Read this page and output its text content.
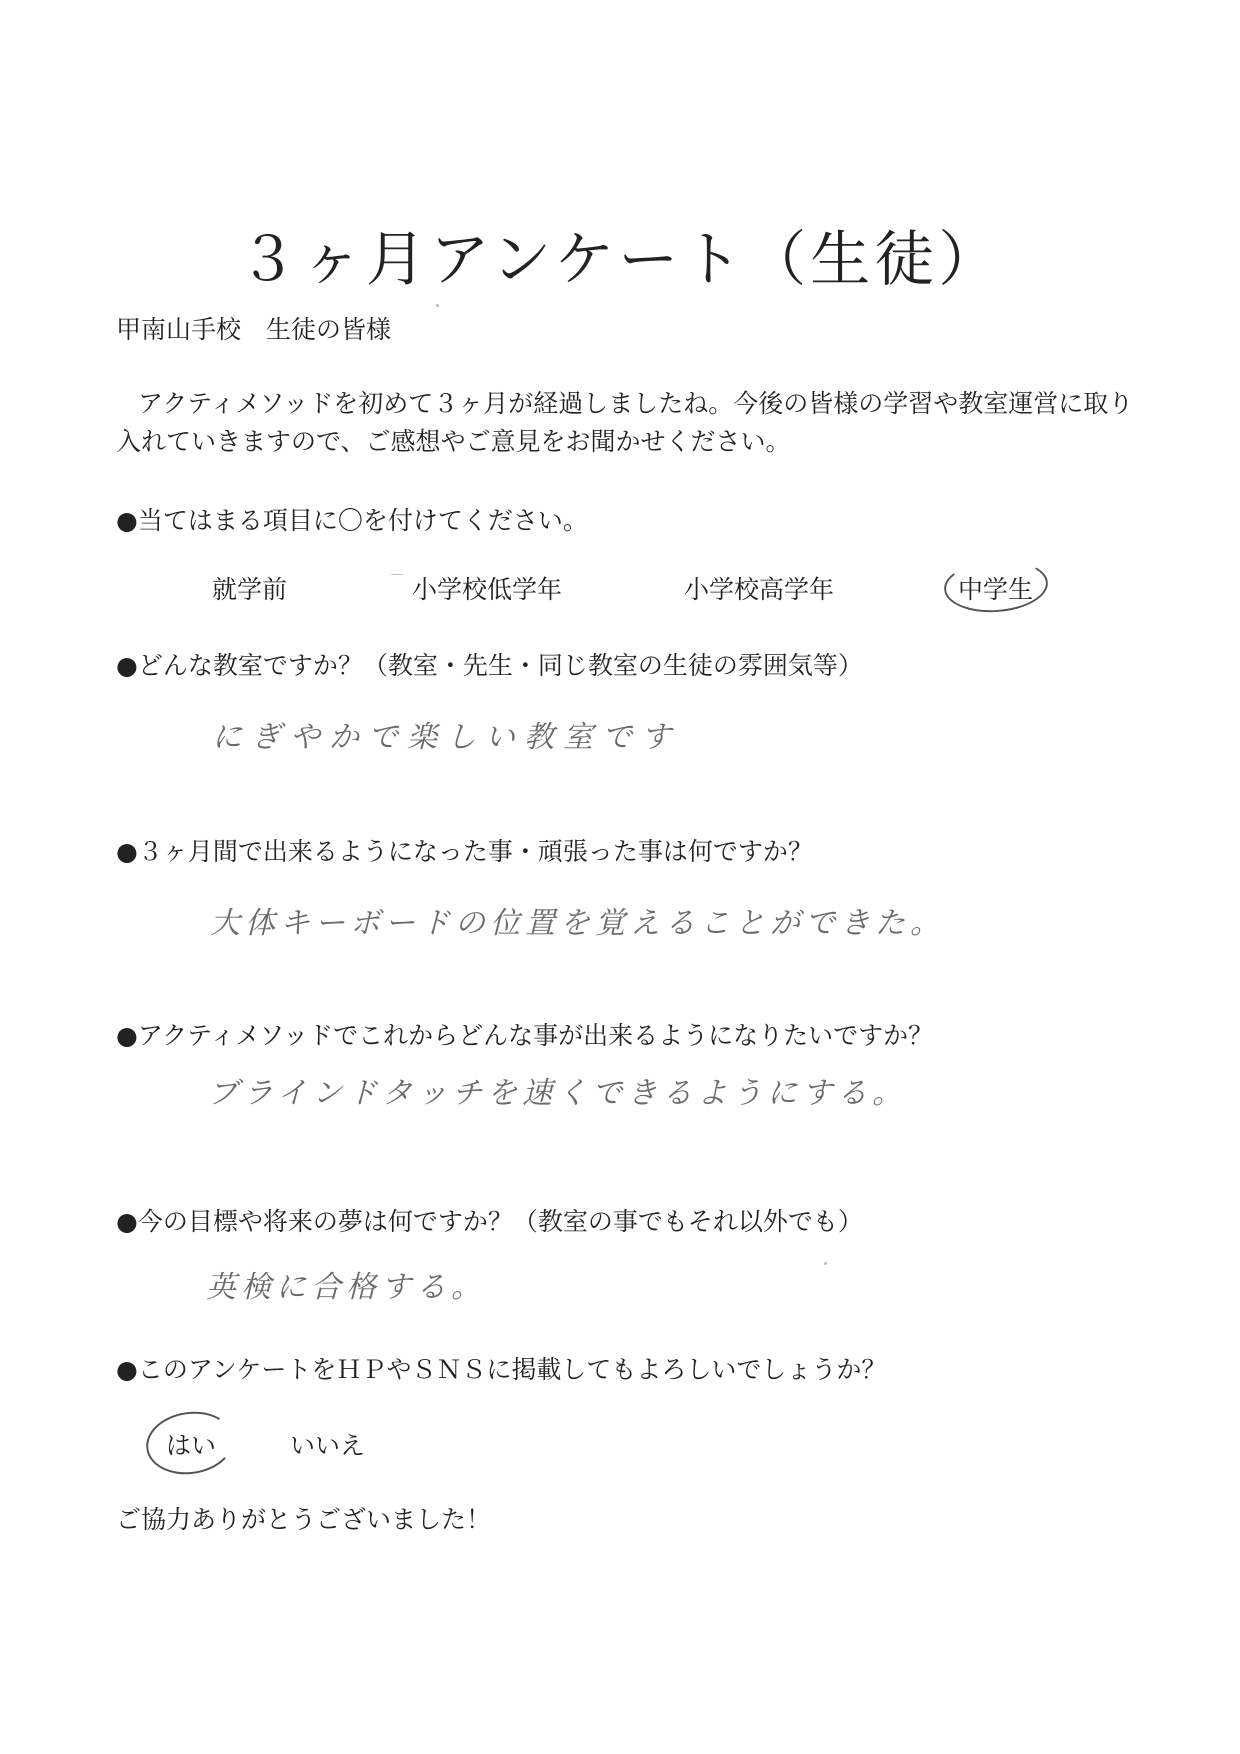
３ヶ月アンケート（生徒）
甲南山手校　生徒の皆様
アクティメソッドを初めて３ヶ月が経過しましたね。今後の皆様の学習や教室運営に取り
入れていきますので、ご感想やご意見をお聞かせください。
●当てはまる項目に〇を付けてください。
就学前	小学校低学年	小学校高学年	中学生
●どんな教室ですか？（教室・先生・同じ教室の生徒の雰囲気等）
にぎやかで楽しい教室です
●３ヶ月間で出来るようになった事・頑張った事は何ですか？
大体キーボードの位置を覚えることができた。
●アクティメソッドでこれからどんな事が出来るようになりたいですか？
ブラインドタッチを速くできるようにする。
●今の目標や将来の夢は何ですか？（教室の事でもそれ以外でも）
英検に合格する。
●このアンケートをＨＰやＳＮＳに掲載してもよろしいでしょうか？
はい	いいえ
ご協力ありがとうございました！
